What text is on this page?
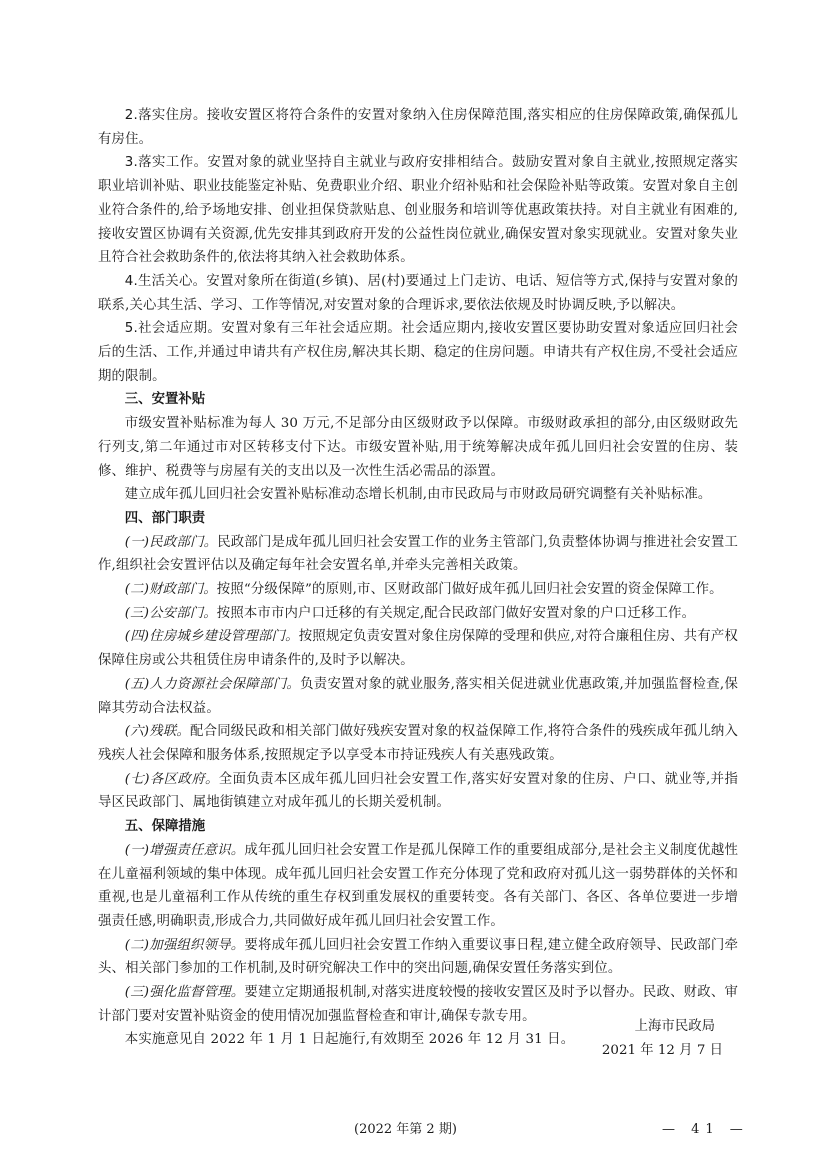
2.落实住房。接收安置区将符合条件的安置对象纳入住房保障范围,落实相应的住房保障政策,确保孤儿有房住。

3.落实工作。安置对象的就业坚持自主就业与政府安排相结合。鼓励安置对象自主就业,按照规定落实职业培训补贴、职业技能鉴定补贴、免费职业介绍、职业介绍补贴和社会保险补贴等政策。安置对象自主创业符合条件的,给予场地安排、创业担保贷款贴息、创业服务和培训等优惠政策扶持。对自主就业有困难的,接收安置区协调有关资源,优先安排其到政府开发的公益性岗位就业,确保安置对象实现就业。安置对象失业且符合社会救助条件的,依法将其纳入社会救助体系。

4.生活关心。安置对象所在街道(乡镇)、居(村)要通过上门走访、电话、短信等方式,保持与安置对象的联系,关心其生活、学习、工作等情况,对安置对象的合理诉求,要依法依规及时协调反映,予以解决。

5.社会适应期。安置对象有三年社会适应期。社会适应期内,接收安置区要协助安置对象适应回归社会后的生活、工作,并通过申请共有产权住房,解决其长期、稳定的住房问题。申请共有产权住房,不受社会适应期的限制。

三、安置补贴

市级安置补贴标准为每人 30 万元,不足部分由区级财政予以保障。市级财政承担的部分,由区级财政先行列支,第二年通过市对区转移支付下达。市级安置补贴,用于统筹解决成年孤儿回归社会安置的住房、装修、维护、税费等与房屋有关的支出以及一次性生活必需品的添置。

建立成年孤儿回归社会安置补贴标准动态增长机制,由市民政局与市财政局研究调整有关补贴标准。

四、部门职责

(一)民政部门。民政部门是成年孤儿回归社会安置工作的业务主管部门,负责整体协调与推进社会安置工作,组织社会安置评估以及确定每年社会安置名单,并牵头完善相关政策。

(二)财政部门。按照“分级保障”的原则,市、区财政部门做好成年孤儿回归社会安置的资金保障工作。

(三)公安部门。按照本市市内户口迁移的有关规定,配合民政部门做好安置对象的户口迁移工作。

(四)住房城乡建设管理部门。按照规定负责安置对象住房保障的受理和供应,对符合廉租住房、共有产权保障住房或公共租赁住房申请条件的,及时予以解决。

(五)人力资源社会保障部门。负责安置对象的就业服务,落实相关促进就业优惠政策,并加强监督检查,保障其劳动合法权益。

(六)残联。配合同级民政和相关部门做好残疾安置对象的权益保障工作,将符合条件的残疾成年孤儿纳入残疾人社会保障和服务体系,按照规定予以享受本市持证残疾人有关惠残政策。

(七)各区政府。全面负责本区成年孤儿回归社会安置工作,落实好安置对象的住房、户口、就业等,并指导区民政部门、属地街镇建立对成年孤儿的长期关爱机制。

五、保障措施

(一)增强责任意识。成年孤儿回归社会安置工作是孤儿保障工作的重要组成部分,是社会主义制度优越性在儿童福利领域的集中体现。成年孤儿回归社会安置工作充分体现了党和政府对孤儿这一弱势群体的关怀和重视,也是儿童福利工作从传统的重生存权到重发展权的重要转变。各有关部门、各区、各单位要进一步增强责任感,明确职责,形成合力,共同做好成年孤儿回归社会安置工作。

(二)加强组织领导。要将成年孤儿回归社会安置工作纳入重要议事日程,建立健全政府领导、民政部门牵头、相关部门参加的工作机制,及时研究解决工作中的突出问题,确保安置任务落实到位。

(三)强化监督管理。要建立定期通报机制,对落实进度较慢的接收安置区及时予以督办。民政、财政、审计部门要对安置补贴资金的使用情况加强监督检查和审计,确保专款专用。

本实施意见自 2022 年 1 月 1 日起施行,有效期至 2026 年 12 月 31 日。

上海市民政局
2021 年 12 月 7 日
(2022 年第 2 期)	— 41 —
